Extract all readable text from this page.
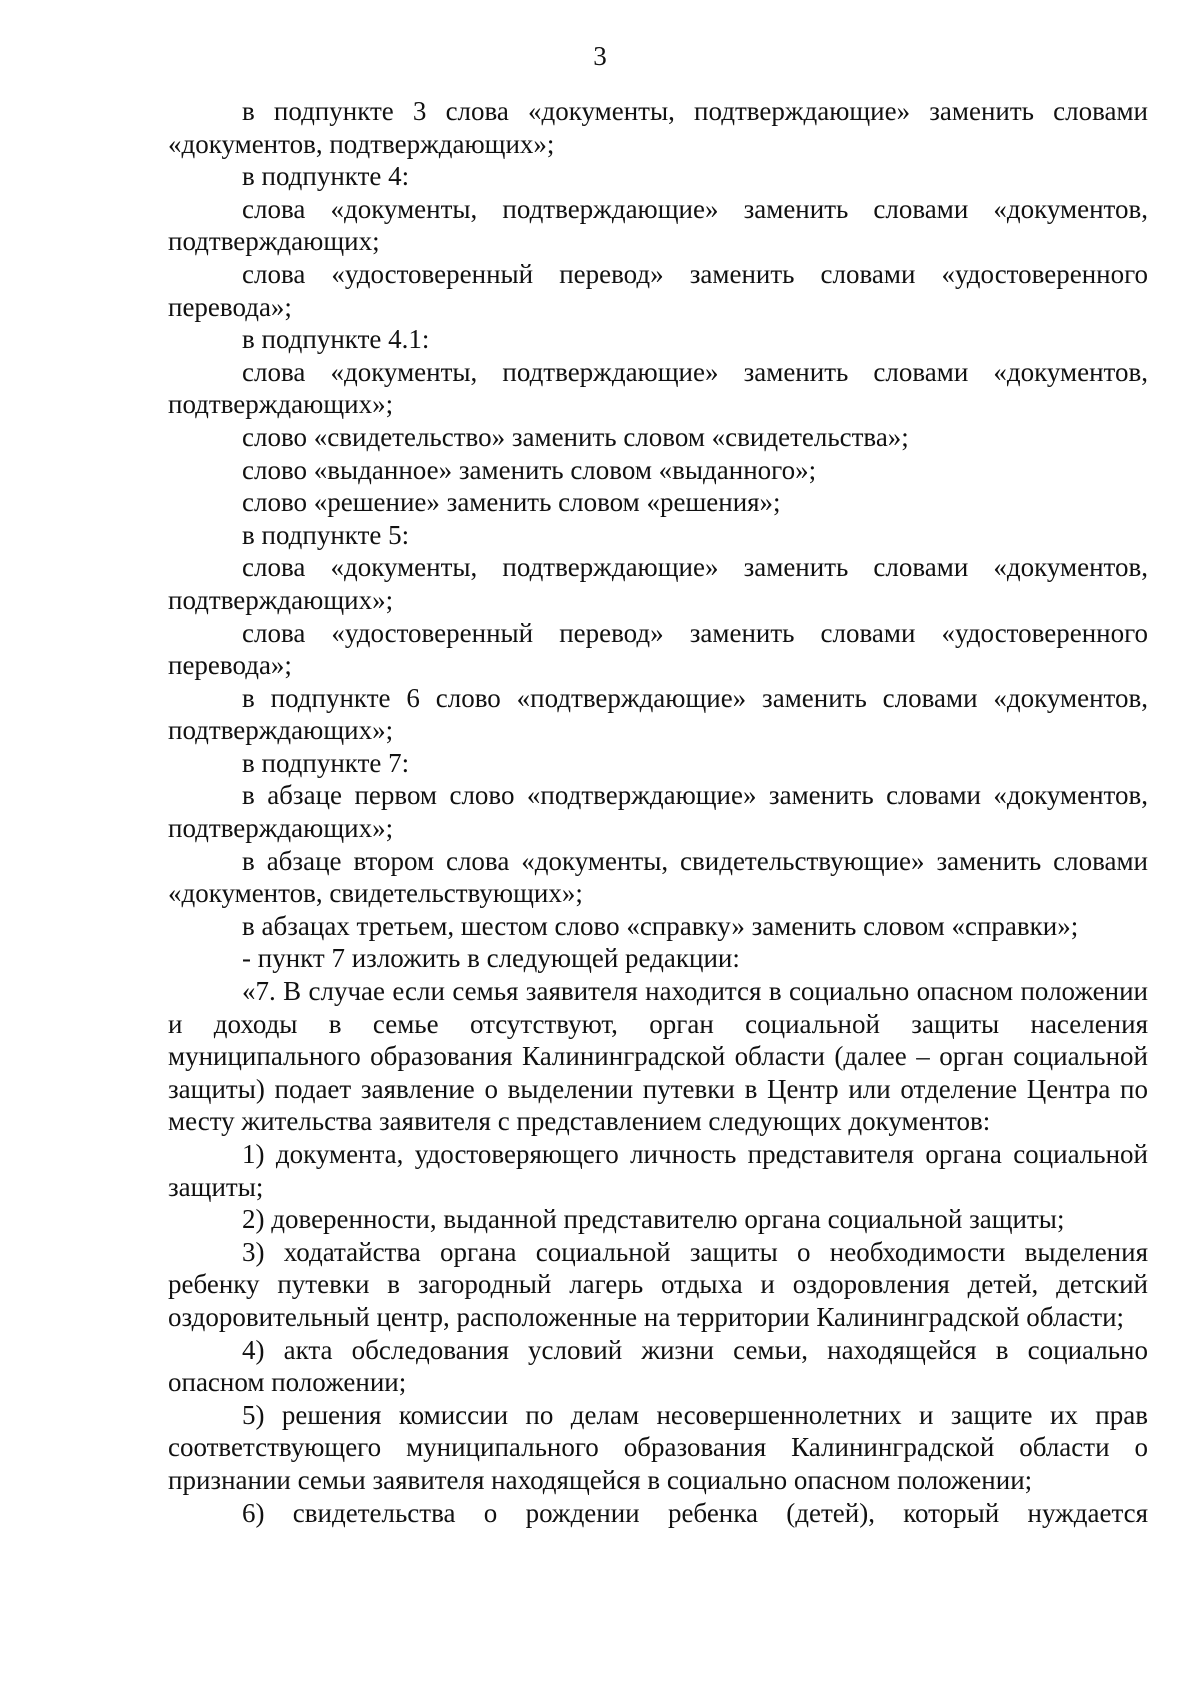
3

в подпункте 3 слова «документы, подтверждающие» заменить словами «документов, подтверждающих»;

в подпункте 4:

слова «документы, подтверждающие» заменить словами «документов, подтверждающих;

слова «удостоверенный перевод» заменить словами «удостоверенного перевода»;

в подпункте 4.1:

слова «документы, подтверждающие» заменить словами «документов, подтверждающих»;

слово «свидетельство» заменить словом «свидетельства»;

слово «выданное» заменить словом «выданного»;

слово «решение» заменить словом «решения»;

в подпункте 5:

слова «документы, подтверждающие» заменить словами «документов, подтверждающих»;

слова «удостоверенный перевод» заменить словами «удостоверенного перевода»;

в подпункте 6 слово «подтверждающие» заменить словами «документов, подтверждающих»;

в подпункте 7:

в абзаце первом слово «подтверждающие» заменить словами «документов, подтверждающих»;

в абзаце втором слова «документы, свидетельствующие» заменить словами «документов, свидетельствующих»;

в абзацах третьем, шестом слово «справку» заменить словом «справки»;

- пункт 7 изложить в следующей редакции:

«7. В случае если семья заявителя находится в социально опасном положении и доходы в семье отсутствуют, орган социальной защиты населения муниципального образования Калининградской области (далее – орган социальной защиты) подает заявление о выделении путевки в Центр или отделение Центра по месту жительства заявителя с представлением следующих документов:

1) документа, удостоверяющего личность представителя органа социальной защиты;

2) доверенности, выданной представителю органа социальной защиты;

3) ходатайства органа социальной защиты о необходимости выделения ребенку путевки в загородный лагерь отдыха и оздоровления детей, детский оздоровительный центр, расположенные на территории Калининградской области;

4) акта обследования условий жизни семьи, находящейся в социально опасном положении;

5) решения комиссии по делам несовершеннолетних и защите их прав соответствующего муниципального образования Калининградской области о признании семьи заявителя находящейся в социально опасном положении;

6) свидетельства о рождении ребенка (детей), который нуждается
